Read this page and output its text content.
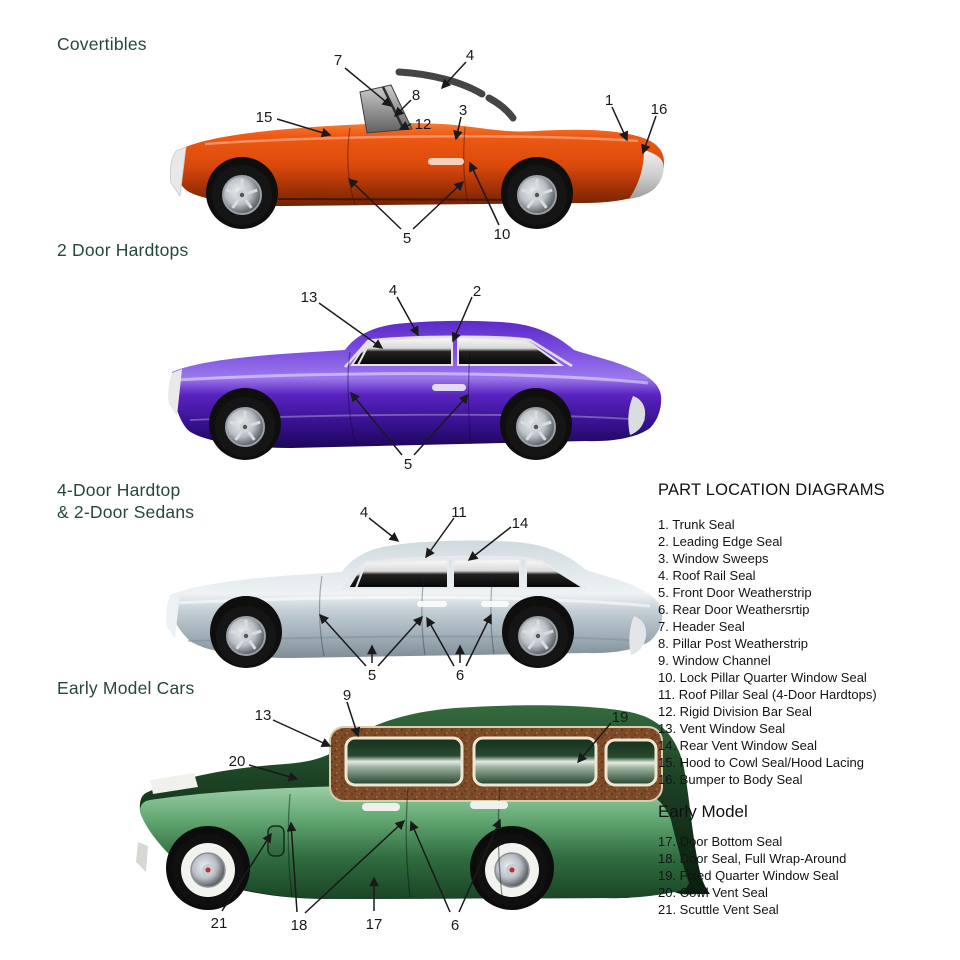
7	4
8
12
3
15
1
16
5	10
13	4	2
5
4	11
14
5	6
9
13
20
19
21	18	17	6
Covertibles
2 Door Hardtops
4-Door Hardtop
& 2-Door Sedans
Early Model Cars
PART LOCATION DIAGRAMS
1. Trunk Seal
2. Leading Edge Seal
3. Window Sweeps
4. Roof Rail Seal
5. Front Door Weatherstrip
6. Rear Door Weathersrtip
7. Header Seal
8. Pillar Post Weatherstrip
9. Window Channel
10. Lock Pillar Quarter Window Seal
11. Roof Pillar Seal (4-Door Hardtops)
12. Rigid Division Bar Seal
13. Vent Window Seal
14. Rear Vent Window Seal
15. Hood to Cowl Seal/Hood Lacing
16. Bumper to Body Seal
Early Model
17. Door Bottom Seal
18. Door Seal, Full Wrap-Around
19. Fixed Quarter Window Seal
20. Cowl Vent Seal
21. Scuttle Vent Seal
